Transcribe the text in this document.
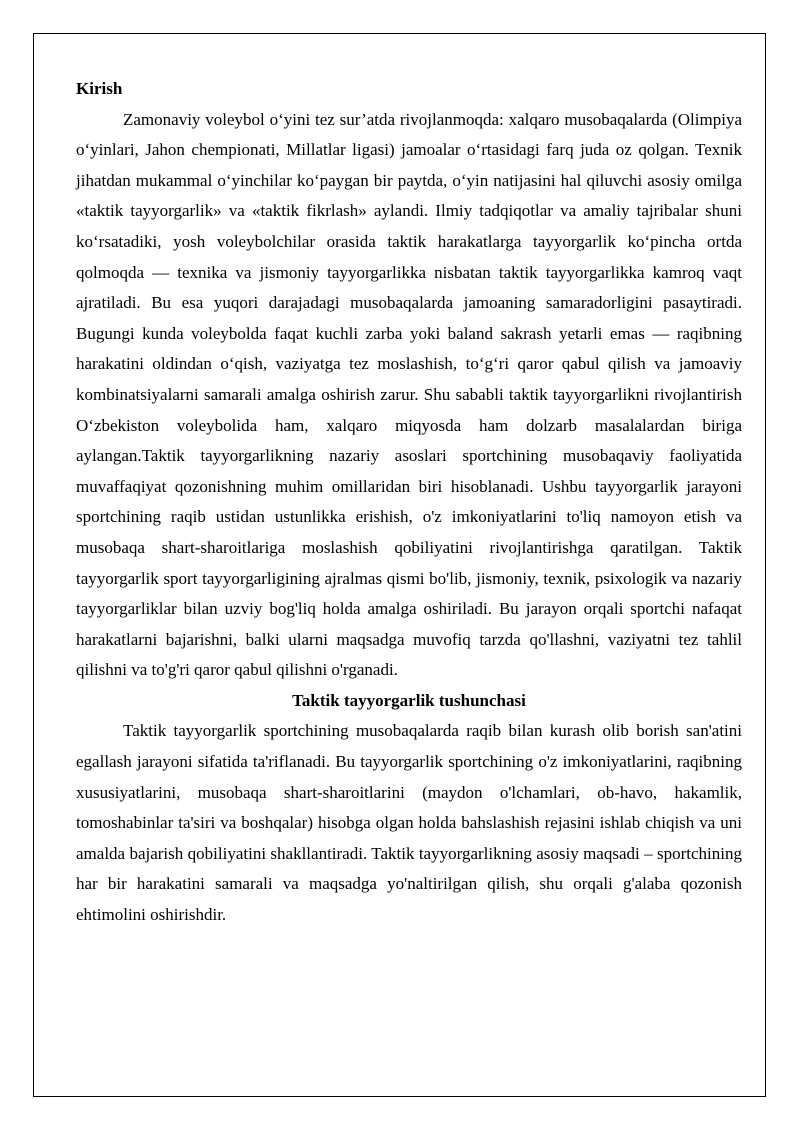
Kirish

Zamonaviy voleybol o‘yini tez sur’atda rivojlanmoqda: xalqaro musobaqalarda (Olimpiya o‘yinlari, Jahon chempionati, Millatlar ligasi) jamoalar o‘rtasidagi farq juda oz qolgan. Texnik jihatdan mukammal o‘yinchilar ko‘paygan bir paytda, o‘yin natijasini hal qiluvchi asosiy omilga «taktik tayyorgarlik» va «taktik fikrlash» aylandi. Ilmiy tadqiqotlar va amaliy tajribalar shuni ko‘rsatadiki, yosh voleybolchilar orasida taktik harakatlarga tayyorgarlik ko‘pincha ortda qolmoqda — texnika va jismoniy tayyorgarlikka nisbatan taktik tayyorgarlikka kamroq vaqt ajratiladi. Bu esa yuqori darajadagi musobaqalarda jamoaning samaradorligini pasaytiradi. Bugungi kunda voleybolda faqat kuchli zarba yoki baland sakrash yetarli emas — raqibning harakatini oldindan o‘qish, vaziyatga tez moslashish, to‘g‘ri qaror qabul qilish va jamoaviy kombinatsiyalarni samarali amalga oshirish zarur. Shu sababli taktik tayyorgarlikni rivojlantirish O‘zbekiston voleybolida ham, xalqaro miqyosda ham dolzarb masalalardan biriga aylangan.Taktik tayyorgarlikning nazariy asoslari sportchining musobaqaviy faoliyatida muvaffaqiyat qozonishning muhim omillaridan biri hisoblanadi. Ushbu tayyorgarlik jarayoni sportchining raqib ustidan ustunlikka erishish, o'z imkoniyatlarini to'liq namoyon etish va musobaqa shart-sharoitlariga moslashish qobiliyatini rivojlantirishga qaratilgan. Taktik tayyorgarlik sport tayyorgarligining ajralmas qismi bo'lib, jismoniy, texnik, psixologik va nazariy tayyorgarliklar bilan uzviy bog'liq holda amalga oshiriladi. Bu jarayon orqali sportchi nafaqat harakatlarni bajarishni, balki ularni maqsadga muvofiq tarzda qo'llashni, vaziyatni tez tahlil qilishni va to'g'ri qaror qabul qilishni o'rganadi.

Taktik tayyorgarlik tushunchasi

Taktik tayyorgarlik sportchining musobaqalarda raqib bilan kurash olib borish san'atini egallash jarayoni sifatida ta'riflanadi. Bu tayyorgarlik sportchining o'z imkoniyatlarini, raqibning xususiyatlarini, musobaqa shart-sharoitlarini (maydon o'lchamlari, ob-havo, hakamlik, tomoshabinlar ta'siri va boshqalar) hisobga olgan holda bahslashish rejasini ishlab chiqish va uni amalda bajarish qobiliyatini shakllantiradi. Taktik tayyorgarlikning asosiy maqsadi – sportchining har bir harakatini samarali va maqsadga yo'naltirilgan qilish, shu orqali g'alaba qozonish ehtimolini oshirishdir.
